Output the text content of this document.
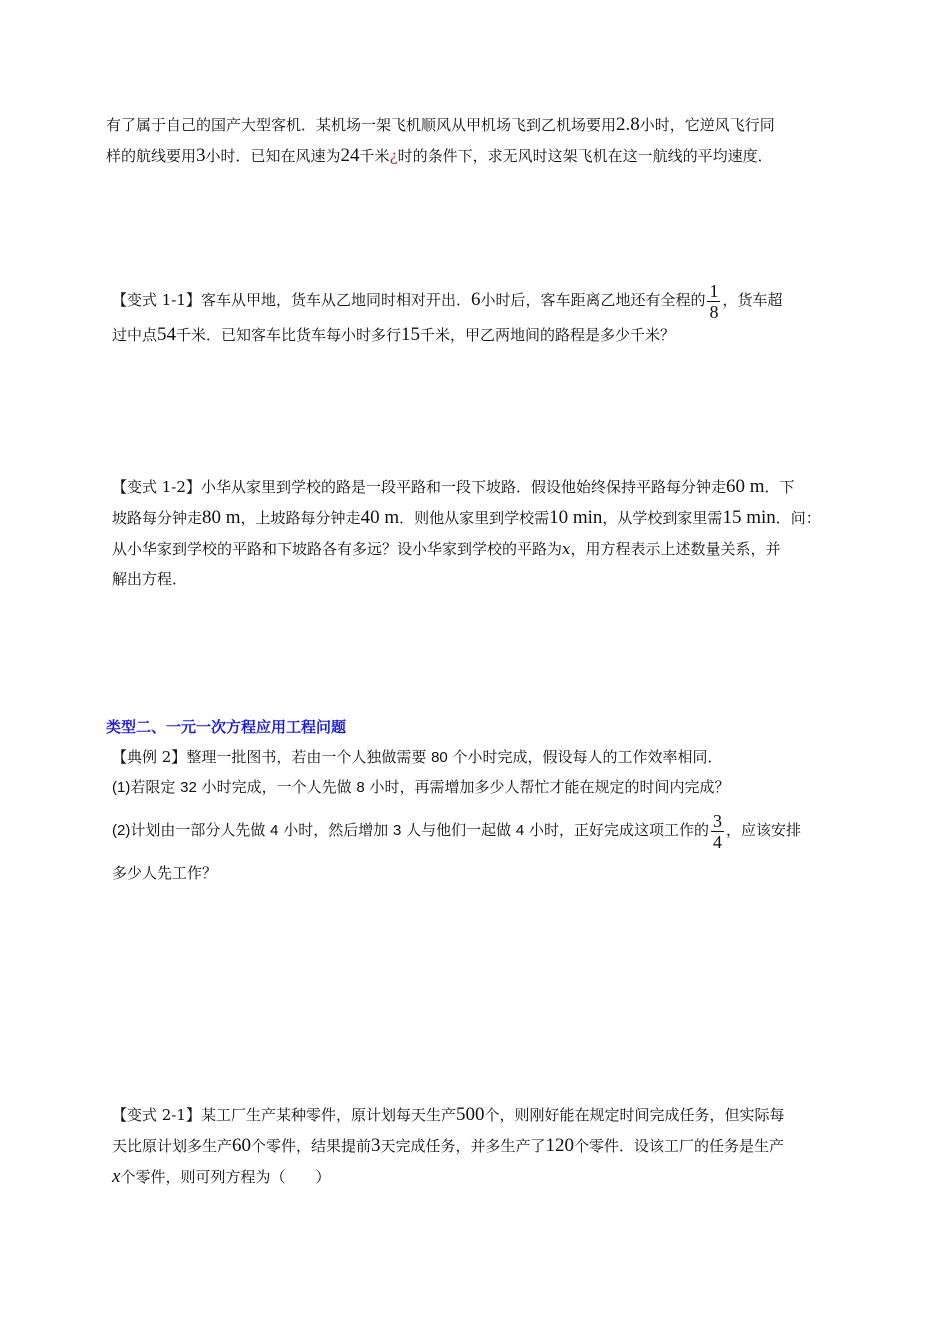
有了属于自己的国产大型客机．某机场一架飞机顺风从甲机场飞到乙机场要用2.8小时，它逆风飞行同
样的航线要用3小时．已知在风速为24千米¿时的条件下，求无风时这架飞机在这一航线的平均速度．
【变式 1-1】客车从甲地，货车从乙地同时相对开出．6小时后，客车距离乙地还有全程的 $\frac{1}{8}$ ，货车超
过中点54千米．已知客车比货车每小时多行15千米，甲乙两地间的路程是多少千米？
【变式 1-2】小华从家里到学校的路是一段平路和一段下坡路．假设他始终保持平路每分钟走60 m．下
坡路每分钟走80 m，上坡路每分钟走40 m．则他从家里到学校需10 min，从学校到家里需15 min．问：
从小华家到学校的平路和下坡路各有多远？设小华家到学校的平路为x，用方程表示上述数量关系，并
解出方程．
类型二、一元一次方程应用工程问题
【典例 2】整理一批图书，若由一个人独做需要 80 个小时完成，假设每人的工作效率相同．
(1)若限定 32 小时完成，一个人先做 8 小时，再需增加多少人帮忙才能在规定的时间内完成？
(2)计划由一部分人先做 4 小时，然后增加 3 人与他们一起做 4 小时，正好完成这项工作的 $\frac{3}{4}$ ，应该安排
多少人先工作？
【变式 2-1】某工厂生产某种零件，原计划每天生产500个，则刚好能在规定时间完成任务，但实际每
天比原计划多生产60个零件，结果提前3天完成任务，并多生产了120个零件．设该工厂的任务是生产
x个零件，则可列方程为（　　）
